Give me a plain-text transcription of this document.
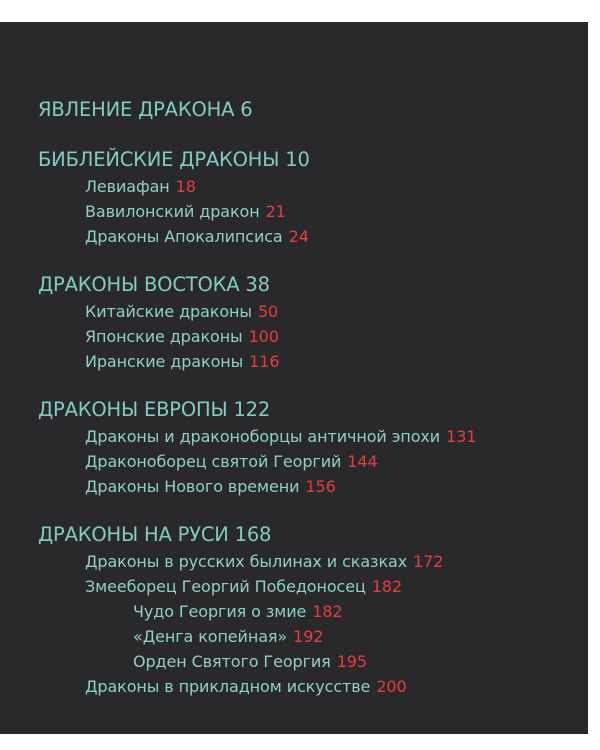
ЯВЛЕНИЕ ДРАКОНА 6
БИБЛЕЙСКИЕ ДРАКОНЫ 10
Левиафан 18
Вавилонский дракон 21
Драконы Апокалипсиса 24
ДРАКОНЫ ВОСТОКА 38
Китайские драконы 50
Японские драконы 100
Иранские драконы 116
ДРАКОНЫ ЕВРОПЫ 122
Драконы и драконоборцы античной эпохи 131
Драконоборец святой Георгий 144
Драконы Нового времени 156
ДРАКОНЫ НА РУСИ 168
Драконы в русских былинах и сказках 172
Змееборец Георгий Победоносец 182
Чудо Георгия о змие 182
«Денга копейная» 192
Орден Святого Георгия 195
Драконы в прикладном искусстве 200
